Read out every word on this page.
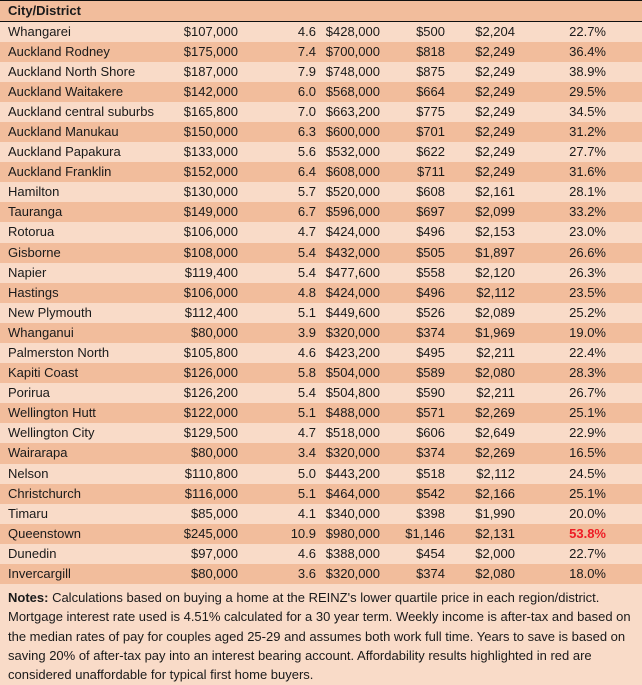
City/District							
Whangarei	$107,000	4.6	$428,000	$500	$2,204	22.7%	
Auckland Rodney	$175,000	7.4	$700,000	$818	$2,249	36.4%	
Auckland North Shore	$187,000	7.9	$748,000	$875	$2,249	38.9%	
Auckland Waitakere	$142,000	6.0	$568,000	$664	$2,249	29.5%	
Auckland central suburbs	$165,800	7.0	$663,200	$775	$2,249	34.5%	
Auckland Manukau	$150,000	6.3	$600,000	$701	$2,249	31.2%	
Auckland Papakura	$133,000	5.6	$532,000	$622	$2,249	27.7%	
Auckland Franklin	$152,000	6.4	$608,000	$711	$2,249	31.6%	
Hamilton	$130,000	5.7	$520,000	$608	$2,161	28.1%	
Tauranga	$149,000	6.7	$596,000	$697	$2,099	33.2%	
Rotorua	$106,000	4.7	$424,000	$496	$2,153	23.0%	
Gisborne	$108,000	5.4	$432,000	$505	$1,897	26.6%	
Napier	$119,400	5.4	$477,600	$558	$2,120	26.3%	
Hastings	$106,000	4.8	$424,000	$496	$2,112	23.5%	
New Plymouth	$112,400	5.1	$449,600	$526	$2,089	25.2%	
Whanganui	$80,000	3.9	$320,000	$374	$1,969	19.0%	
Palmerston North	$105,800	4.6	$423,200	$495	$2,211	22.4%	
Kapiti Coast	$126,000	5.8	$504,000	$589	$2,080	28.3%	
Porirua	$126,200	5.4	$504,800	$590	$2,211	26.7%	
Wellington Hutt	$122,000	5.1	$488,000	$571	$2,269	25.1%	
Wellington City	$129,500	4.7	$518,000	$606	$2,649	22.9%	
Wairarapa	$80,000	3.4	$320,000	$374	$2,269	16.5%	
Nelson	$110,800	5.0	$443,200	$518	$2,112	24.5%	
Christchurch	$116,000	5.1	$464,000	$542	$2,166	25.1%	
Timaru	$85,000	4.1	$340,000	$398	$1,990	20.0%	
Queenstown	$245,000	10.9	$980,000	$1,146	$2,131	53.8%	
Dunedin	$97,000	4.6	$388,000	$454	$2,000	22.7%	
Invercargill	$80,000	3.6	$320,000	$374	$2,080	18.0%	
Notes: Calculations based on buying a home at the REINZ's lower quartile price in each region/district. Mortgage interest rate used is 4.51% calculated for a 30 year term. Weekly income is after-tax and based on the median rates of pay for couples aged 25-29 and assumes both work full time. Years to save is based on saving 20% of after-tax pay into an interest bearing account. Affordability results highlighted in red are considered unaffordable for typical first home buyers.
